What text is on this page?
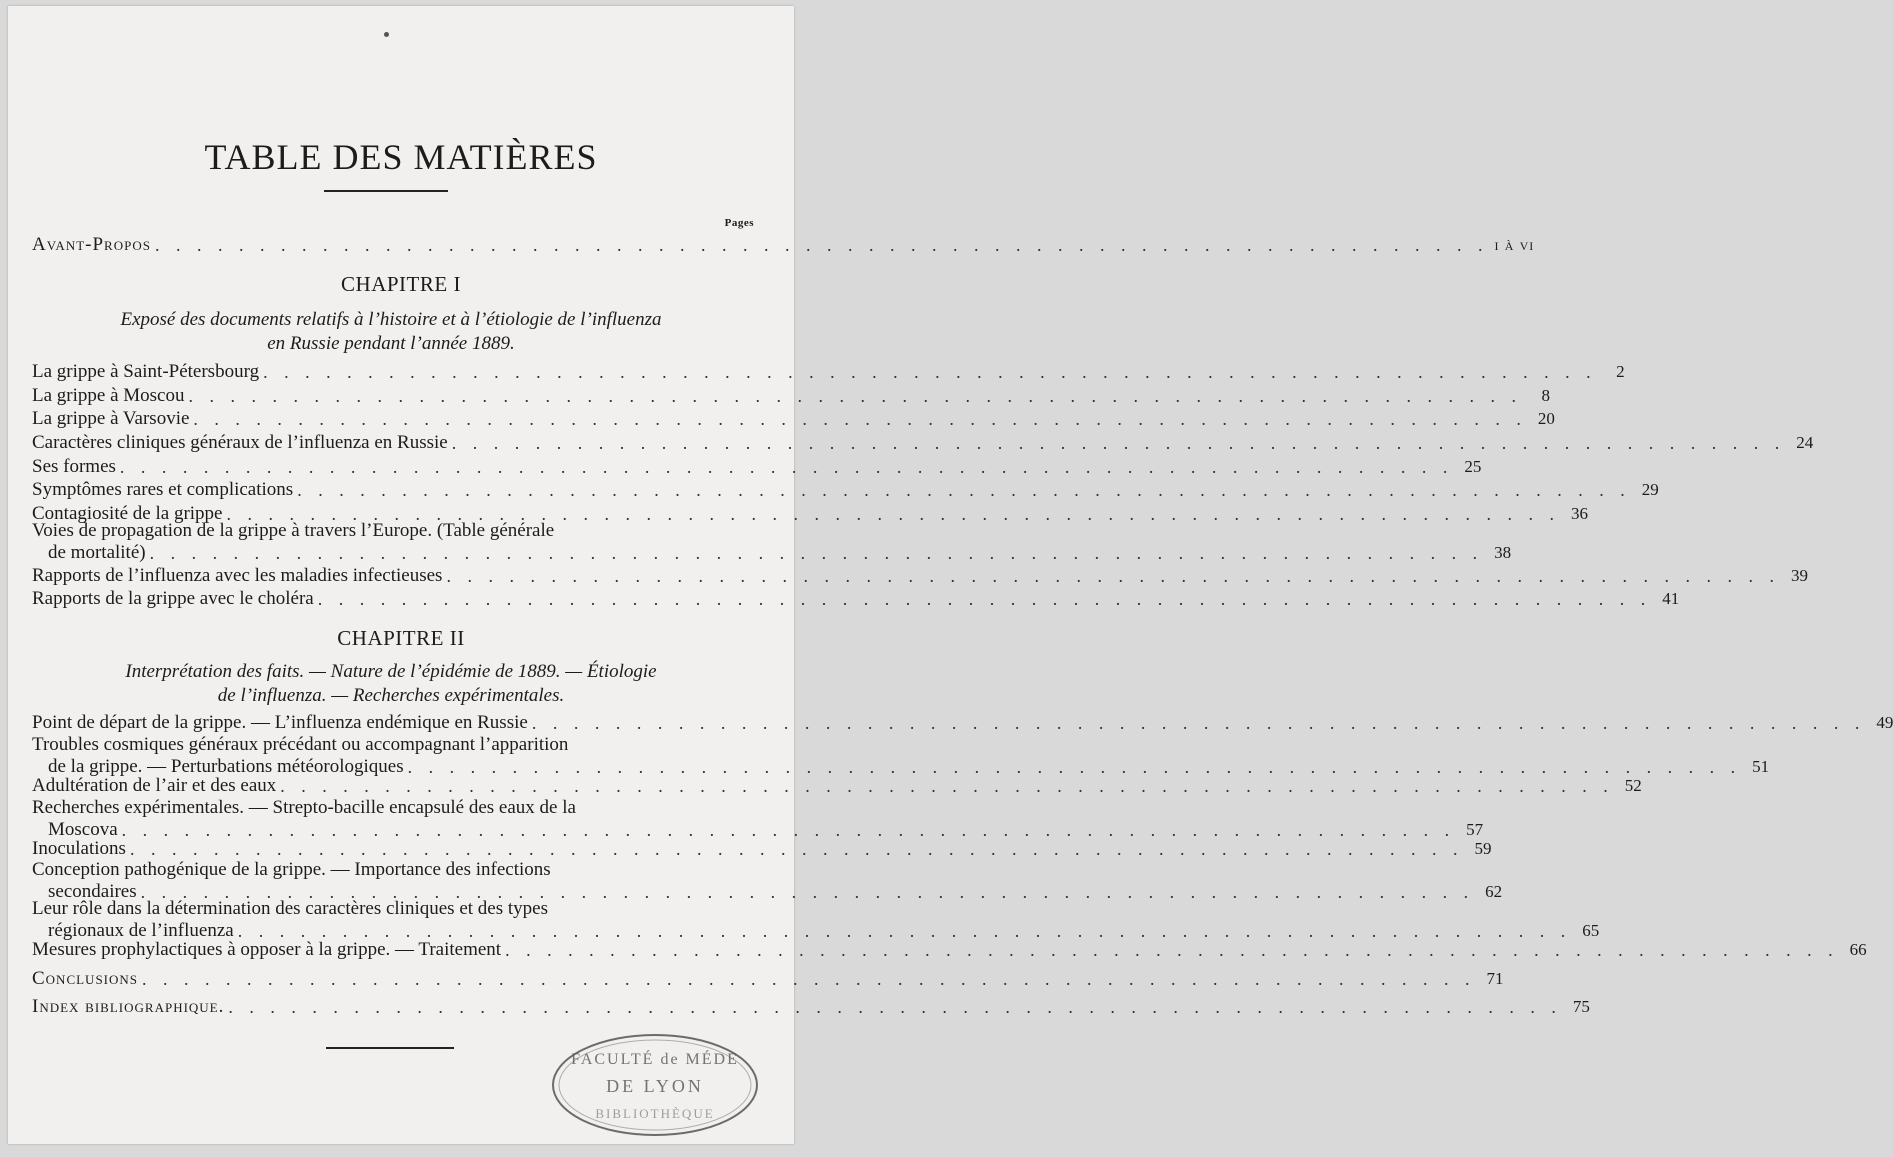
TABLE DES MATIÈRES
Pages
Avant-Propos . . . . . . . . . . . . . . . . . . . . . . . . . . . . . . . . . . . . . . . . . . . . . . . . . . . . . . . . . . . . . . . . i à vi
CHAPITRE I
Exposé des documents relatifs à l’histoire et à l’étiologie de l’influenza
en Russie pendant l’année 1889.
La grippe à Saint-Pétersbourg . . . . . . . . . . . . . . . . . . . . . . . . . . . . . . . . . . . . . . . . . . . . . . . . . . . . . . . . . . . . . . . .	2
La grippe à Moscou . . . . . . . . . . . . . . . . . . . . . . . . . . . . . . . . . . . . . . . . . . . . . . . . . . . . . . . . . . . . . . . .	8
La grippe à Varsovie . . . . . . . . . . . . . . . . . . . . . . . . . . . . . . . . . . . . . . . . . . . . . . . . . . . . . . . . . . . . . . . . 20
Caractères cliniques généraux de l’influenza en Russie . . . . . . . . . . . . . . . . . . . . . . . . . . . . . . . . . . . . . . . . . . . . . . . . . . . . . . . . . . . . . . . . 24
Ses formes . . . . . . . . . . . . . . . . . . . . . . . . . . . . . . . . . . . . . . . . . . . . . . . . . . . . . . . . . . . . . . . . 25
Symptômes rares et complications . . . . . . . . . . . . . . . . . . . . . . . . . . . . . . . . . . . . . . . . . . . . . . . . . . . . . . . . . . . . . . . . 29
Contagiosité de la grippe . . . . . . . . . . . . . . . . . . . . . . . . . . . . . . . . . . . . . . . . . . . . . . . . . . . . . . . . . . . . . . . . 36
Voies de propagation de la grippe à travers l’Europe. (Table générale
de mortalité) . . . . . . . . . . . . . . . . . . . . . . . . . . . . . . . . . . . . . . . . . . . . . . . . . . . . . . . . . . . . . . . . 38
Rapports de l’influenza avec les maladies infectieuses . . . . . . . . . . . . . . . . . . . . . . . . . . . . . . . . . . . . . . . . . . . . . . . . . . . . . . . . . . . . . . . . 39
Rapports de la grippe avec le choléra . . . . . . . . . . . . . . . . . . . . . . . . . . . . . . . . . . . . . . . . . . . . . . . . . . . . . . . . . . . . . . . . 41
CHAPITRE II
Interprétation des faits. — Nature de l’épidémie de 1889. — Étiologie
de l’influenza. — Recherches expérimentales.
Point de départ de la grippe. — L’influenza endémique en Russie . . . . . . . . . . . . . . . . . . . . . . . . . . . . . . . . . . . . . . . . . . . . . . . . . . . . . . . . . . . . . . . . 49
Troubles cosmiques généraux précédant ou accompagnant l’apparition
de la grippe. — Perturbations météorologiques . . . . . . . . . . . . . . . . . . . . . . . . . . . . . . . . . . . . . . . . . . . . . . . . . . . . . . . . . . . . . . . . 51
Adultération de l’air et des eaux . . . . . . . . . . . . . . . . . . . . . . . . . . . . . . . . . . . . . . . . . . . . . . . . . . . . . . . . . . . . . . . . 52
Recherches expérimentales. — Strepto-bacille encapsulé des eaux de la
Moscova . . . . . . . . . . . . . . . . . . . . . . . . . . . . . . . . . . . . . . . . . . . . . . . . . . . . . . . . . . . . . . . . 57
Inoculations . . . . . . . . . . . . . . . . . . . . . . . . . . . . . . . . . . . . . . . . . . . . . . . . . . . . . . . . . . . . . . . . 59
Conception pathogénique de la grippe. — Importance des infections
secondaires . . . . . . . . . . . . . . . . . . . . . . . . . . . . . . . . . . . . . . . . . . . . . . . . . . . . . . . . . . . . . . . . 62
Leur rôle dans la détermination des caractères cliniques et des types
régionaux de l’influenza . . . . . . . . . . . . . . . . . . . . . . . . . . . . . . . . . . . . . . . . . . . . . . . . . . . . . . . . . . . . . . . . 65
Mesures prophylactiques à opposer à la grippe. — Traitement . . . . . . . . . . . . . . . . . . . . . . . . . . . . . . . . . . . . . . . . . . . . . . . . . . . . . . . . . . . . . . . . 66
Conclusions . . . . . . . . . . . . . . . . . . . . . . . . . . . . . . . . . . . . . . . . . . . . . . . . . . . . . . . . . . . . . . . . 71
Index bibliographique. . . . . . . . . . . . . . . . . . . . . . . . . . . . . . . . . . . . . . . . . . . . . . . . . . . . . . . . . . . . . . . . . 75
FACULTÉ de MÉDE
DE LYON
BIBLIOTHÈQUE
